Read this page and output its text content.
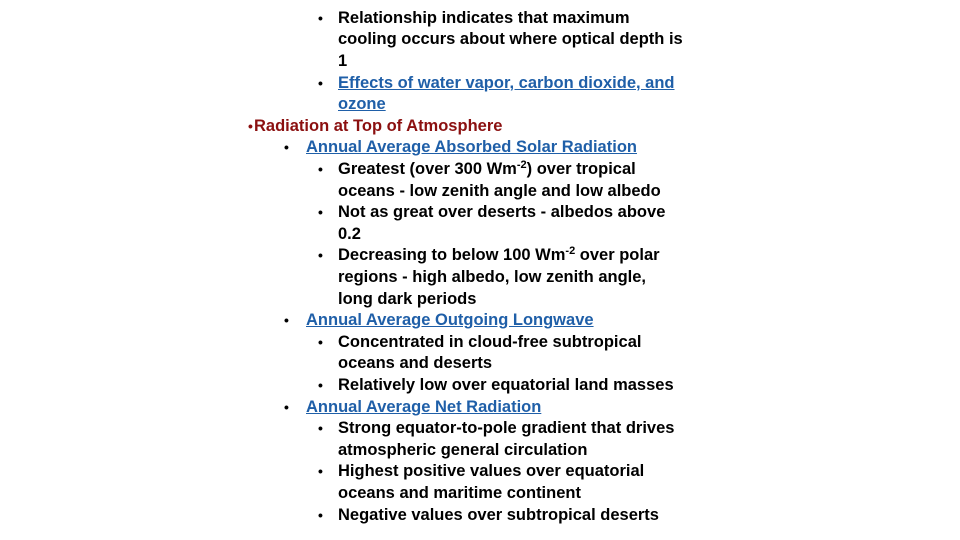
• Relationship indicates that maximum
cooling occurs about where optical depth is
1
• Effects of water vapor, carbon dioxide, and
ozone
• Radiation at Top of Atmosphere
• Annual Average Absorbed Solar Radiation
• Greatest (over 300 $Wm^{-2}$) over tropical
oceans - low zenith angle and low albedo
• Not as great over deserts - albedos above
0.2
• Decreasing to below 100 $Wm^{-2}$ over polar
regions - high albedo, low zenith angle,
long dark periods
• Annual Average Outgoing Longwave
• Concentrated in cloud-free subtropical
oceans and deserts
• Relatively low over equatorial land masses
• Annual Average Net Radiation
• Strong equator-to-pole gradient that drives
atmospheric general circulation
• Highest positive values over equatorial
oceans and maritime continent
• Negative values over subtropical deserts
